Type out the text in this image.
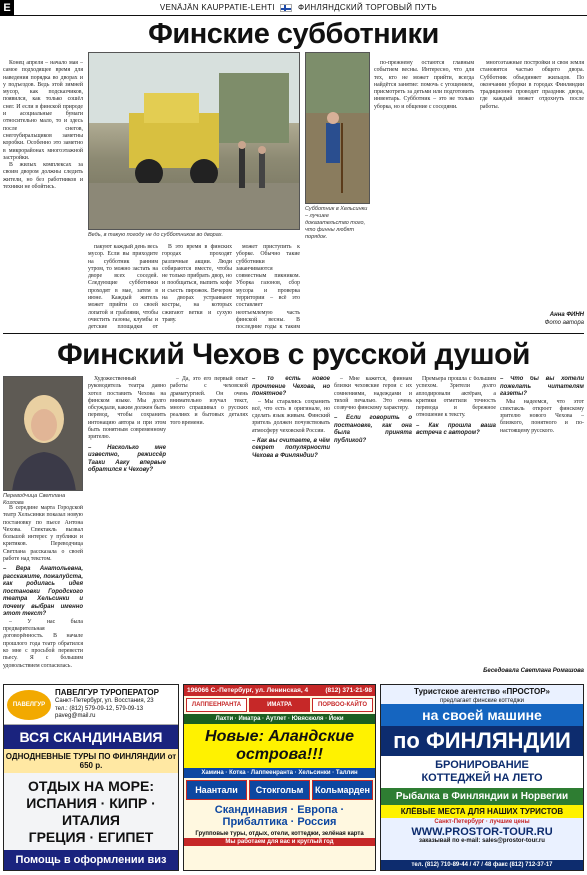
E	VENÄJÄN KAUPPATIE-LEHTI	ФИНЛЯНДСКИЙ ТОРГОВЫЙ ПУТЬ
Финские субботники

Конец апреля – начало мая – самое подходящее время для наведения порядка во дворах и у подъездов. Ведь этой зимней мусор, как подсказчиков, появился, как только сошёл снег. И если в финской природе и асоциальные бумаги относительно мало, то и здесь после снегов, снегоубиральщиков заметны коробки. Особенно это заметно в микрорайонах многоэтажной застройки.

В жилых комплексах за своим двором должны следить жители, но без работников и техники не обойтись.

Ведь, в такую погоду не до субботников во дворах.
Субботник в Хельсинки – лучшее доказательство того, что финны любят порядок.

пакуют каждый день весь мусор. Если вы приходите на субботник ранним утром, то можно застать на дворе всех соседей. Следующие субботники проходят в мае, затем в июне. Каждый житель может прийти со своей лопатой и граблями, чтобы очистить газоны, клумбы и детские площадки от

В это время в финских городах проходят различные акции. Люди собираются вместе, чтобы не только прибрать двор, но и пообщаться, выпить кофе и съесть пирожок. Вечером на дворах устраивают костры, на которых сжигают ветки и сухую траву.

может приступить к уборке. Обычно такие субботники заканчиваются совместным пикником. Уборка газонов, сбор мусора и проверка территории – всё это составляет неотъемлемую часть финской весны. В последние годы к таким

по-прежнему остаются главным событием весны. Интересно, что для тех, кто не может прийти, всегда найдётся занятие: помочь с угощением, присмотреть за детьми или подготовить инвентарь. Субботник – это не только уборка, но и общение с соседями.

многоэтажные постройки и своя земля становятся частью общего двора. Субботник объединяет жильцов. По окончании уборки в городах Финляндии традиционно проводят праздник двора, где каждый может отдохнуть после работы.

Анна ФИНН
Фото автора
Финский Чехов с русской душой
Переводчица Светлана Козлова

В середине марта Городской театр Хельсинки показал новую постановку по пьесе Антона Чехова. Спектакль вызвал большой интерес у публики и критиков. Переводчица Светлана рассказала о своей работе над текстом.

– Вера Анатольевна, расскажите, пожалуйста, как родилась идея постановки Городского театра Хельсинки и почему выбран именно этот текст?

– У нас была предварительная договорённость. В начале прошлого года театр обратился ко мне с просьбой перевести пьесу. Я с большим удовольствием согласилась.

Художественный руководитель театра давно хотел поставить Чехова на финском языке. Мы долго обсуждали, каким должен быть перевод, чтобы сохранить интонацию автора и при этом быть понятным современному зрителю.

– Насколько мне известно, режиссёр Тааки Ааку впервые обратился к Чехову?

– Да, это его первый опыт работы с чеховской драматургией. Он очень внимательно изучал текст, много спрашивал о русских реалиях и бытовых деталях того времени.

– То есть новое прочтение Чехова, но понятное?

– Мы старались сохранить всё, что есть в оригинале, но сделать язык живым. Финский зритель должен почувствовать атмосферу чеховской России.

– Как вы считаете, в чём секрет популярности Чехова в Финляндии?

– Мне кажется, финнам близки чеховские герои с их сомнениями, надеждами и тихой печалью. Это очень созвучно финскому характеру.

– Если говорить о постановке, как она была принята публикой?

Премьера прошла с большим успехом. Зрители долго аплодировали актёрам, а критики отметили точность перевода и бережное отношение к тексту.

– Как прошла ваша встреча с автором?
– Что бы вы хотели пожелать читателям газеты?

Мы надеемся, что этот спектакль откроет финскому зрителю нового Чехова – близкого, понятного и по-настоящему русского.

Беседовала Светлана Ромашова
ПАВЕЛГУР
ПАВЕЛГУР ТУРОПЕРАТОР
Санкт-Петербург, ул. Восстания, 23
тел.: (812) 579-09-12, 579-09-13
paveg@mail.ru
ВСЯ СКАНДИНАВИЯ
ОДНОДНЕВНЫЕ ТУРЫ ПО ФИНЛЯНДИИ от 650 р.
ОТДЫХ НА МОРЕ:
ИСПАНИЯ · КИПР · ИТАЛИЯ
ГРЕЦИЯ · ЕГИПЕТ
Помощь в оформлении виз
196066 С.-Петербург, ул. Ленинская, 4	(812) 371-21-98
ЛАППЕЕНРАНТА	ИМАТРА	ПОРВОО-КАЙТО
Лахти · Иматра · Аутлет · Ювяскюля · Йоки
Новые: Аландские острова!!!
Хамина · Котка · Лаппеенранта · Хельсинки · Таллин
Наантали	Стокгольм	Кольмарден
Скандинавия · Европа · Прибалтика · Россия
Групповые туры, отдых, отели, коттеджи, зелёная карта
Мы работаем для вас и круглый год
Туристское агентство «ПРОСТОР»
предлагает финские коттеджи
на своей машине
по ФИНЛЯНДИИ
БРОНИРОВАНИЕ
КОТТЕДЖЕЙ НА ЛЕТО
Рыбалка в Финляндии и Норвегии
КЛЁВЫЕ МЕСТА ДЛЯ НАШИХ ТУРИСТОВ
Санкт-Петербург · лучшие цены
WWW.PROSTOR-TOUR.RU
заказывай по e-mail: sales@prostor-tour.ru
тел. (812) 710-89-44 / 47 / 48 факс (812) 712-37-17
